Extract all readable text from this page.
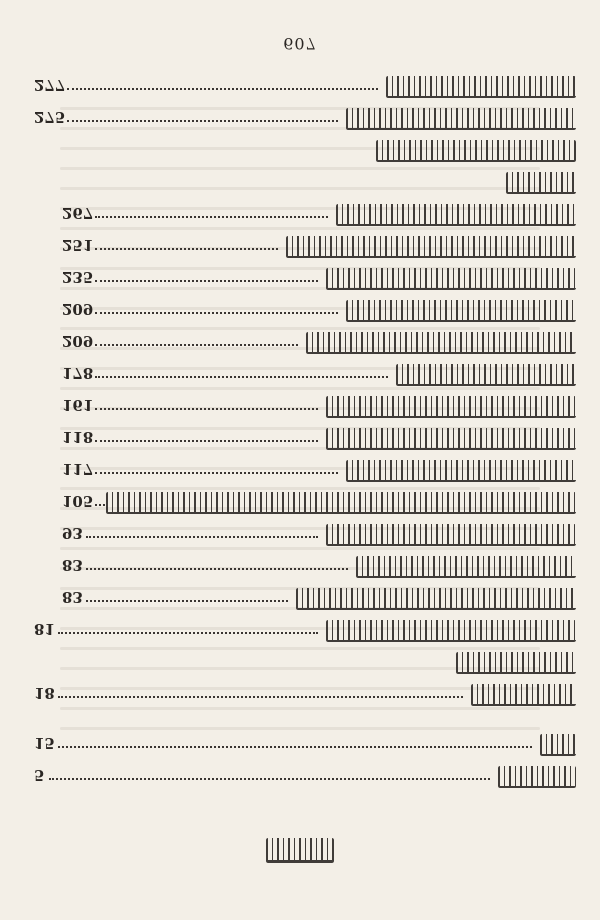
607
277
275
267
251
235
209
209
178
161
118
117
105
93
83
83
81
18
15
5
